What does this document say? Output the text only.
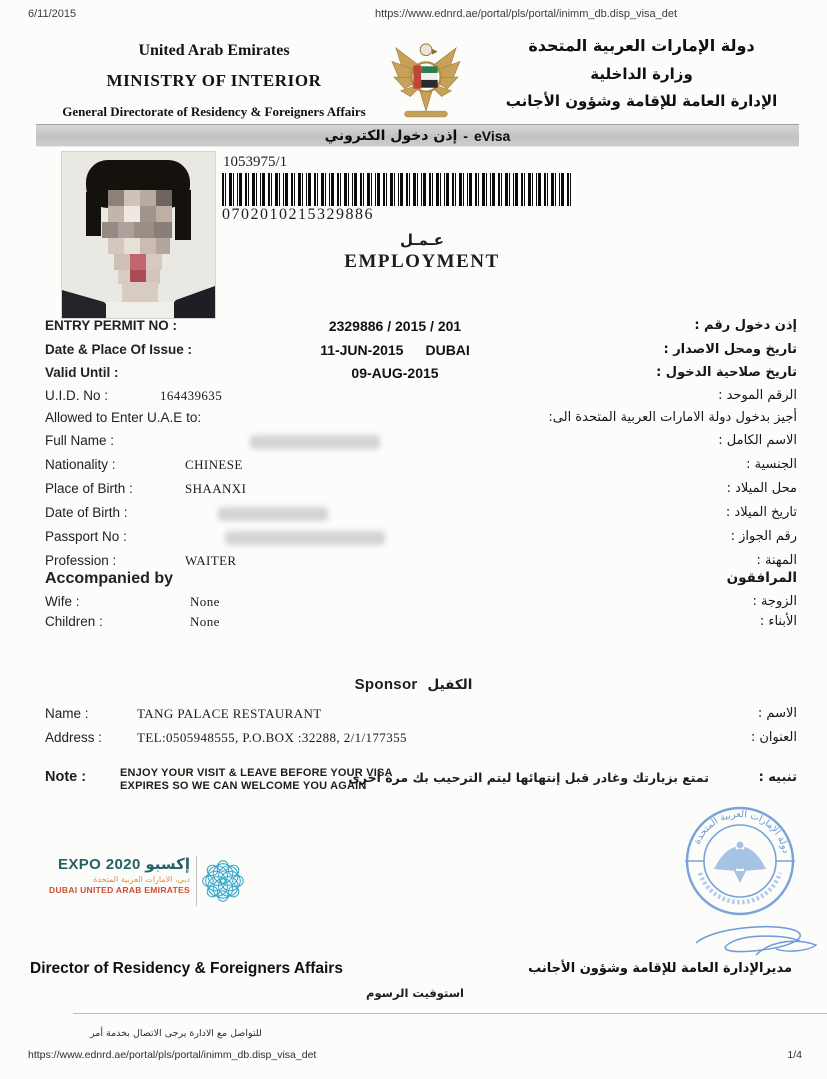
6/11/2015	https://www.ednrd.ae/portal/pls/portal/inimm_db.disp_visa_det
United Arab Emirates
MINISTRY OF INTERIOR
General Directorate of Residency & Foreigners Affairs
دولة الإمارات العربية المتحدة
وزارة الداخلية
الإدارة العامة للإقامة وشؤون الأجانب
إذن دخول الكتروني - eVisa
1053975/1
0702010215329886
عـمـل
EMPLOYMENT
ENTRY PERMIT NO :	2329886 / 2015 / 201	إذن دخول رقم :
Date & Place Of Issue :	11-JUN-2015 DUBAI	تاريخ ومحل الاصدار :
Valid Until :	09-AUG-2015	تاريخ صلاحية الدخول :
U.I.D. No :	164439635	الرقم الموحد :
Allowed to Enter U.A.E to:	أجيز بدخول دولة الامارات العربية المتحدة الى:
Full Name :	الاسم الكامل :
Nationality :	CHINESE	الجنسية :
Place of Birth :	SHAANXI	محل الميلاد :
Date of Birth :	تاريخ الميلاد :
Passport No :	رقم الجواز :
Profession :	WAITER	المهنة :
Accompanied by	المرافقون
Wife :	None	الزوجة :
Children :	None	الأبناء :
Sponsor الكفيل
Name :	TANG PALACE RESTAURANT	الاسم :
Address :	TEL:0505948555, P.O.BOX :32288, 2/1/177355	العنوان :
Note :	ENJOY YOUR VISIT & LEAVE BEFORE YOUR VISA
EXPIRES SO WE CAN WELCOME YOU AGAIN
تمتع بزيارتك وغادر قبل إنتهائها ليتم الترحيب بك مرة أخرى	تنبيه :
EXPO 2020 إكسبو
دبي، الامارات العربية المتحدة
DUBAI UNITED ARAB EMIRATES
دولة الإمارات العربية المتحدة
Director of Residency & Foreigners Affairs	مديرالإدارة العامة للإقامة وشؤون الأجانب
استوفيت الرسوم
للتواصل مع الادارة يرجى الاتصال بخدمة أمر
https://www.ednrd.ae/portal/pls/portal/inimm_db.disp_visa_det	1/4
